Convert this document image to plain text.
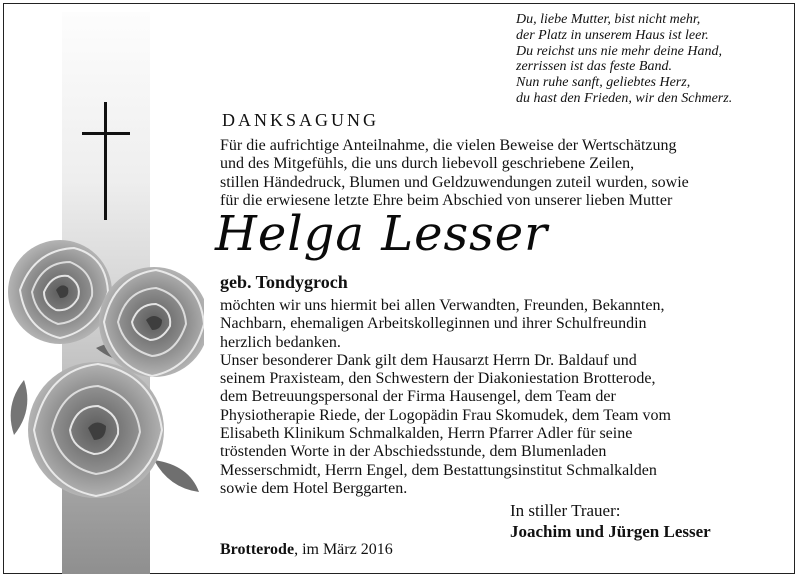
Du, liebe Mutter, bist nicht mehr,
der Platz in unserem Haus ist leer.
Du reichst uns nie mehr deine Hand,
zerrissen ist das feste Band.
Nun ruhe sanft, geliebtes Herz,
du hast den Frieden, wir den Schmerz.
DANKSAGUNG
Für die aufrichtige Anteilnahme, die vielen Beweise der Wertschätzung
und des Mitgefühls, die uns durch liebevoll geschriebene Zeilen,
stillen Händedruck, Blumen und Geldzuwendungen zuteil wurden, sowie
für die erwiesene letzte Ehre beim Abschied von unserer lieben Mutter
Helga Lesser
geb. Tondygroch
möchten wir uns hiermit bei allen Verwandten, Freunden, Bekannten,
Nachbarn, ehemaligen Arbeitskolleginnen und ihrer Schulfreundin
herzlich bedanken.
Unser besonderer Dank gilt dem Hausarzt Herrn Dr. Baldauf und
seinem Praxisteam, den Schwestern der Diakoniestation Brotterode,
dem Betreuungspersonal der Firma Hausengel, dem Team der
Physiotherapie Riede, der Logopädin Frau Skomudek, dem Team vom
Elisabeth Klinikum Schmalkalden, Herrn Pfarrer Adler für seine
tröstenden Worte in der Abschiedsstunde, dem Blumenladen
Messerschmidt, Herrn Engel, dem Bestattungsinstitut Schmalkalden
sowie dem Hotel Berggarten.
In stiller Trauer:
Joachim und Jürgen Lesser
Brotterode, im März 2016
